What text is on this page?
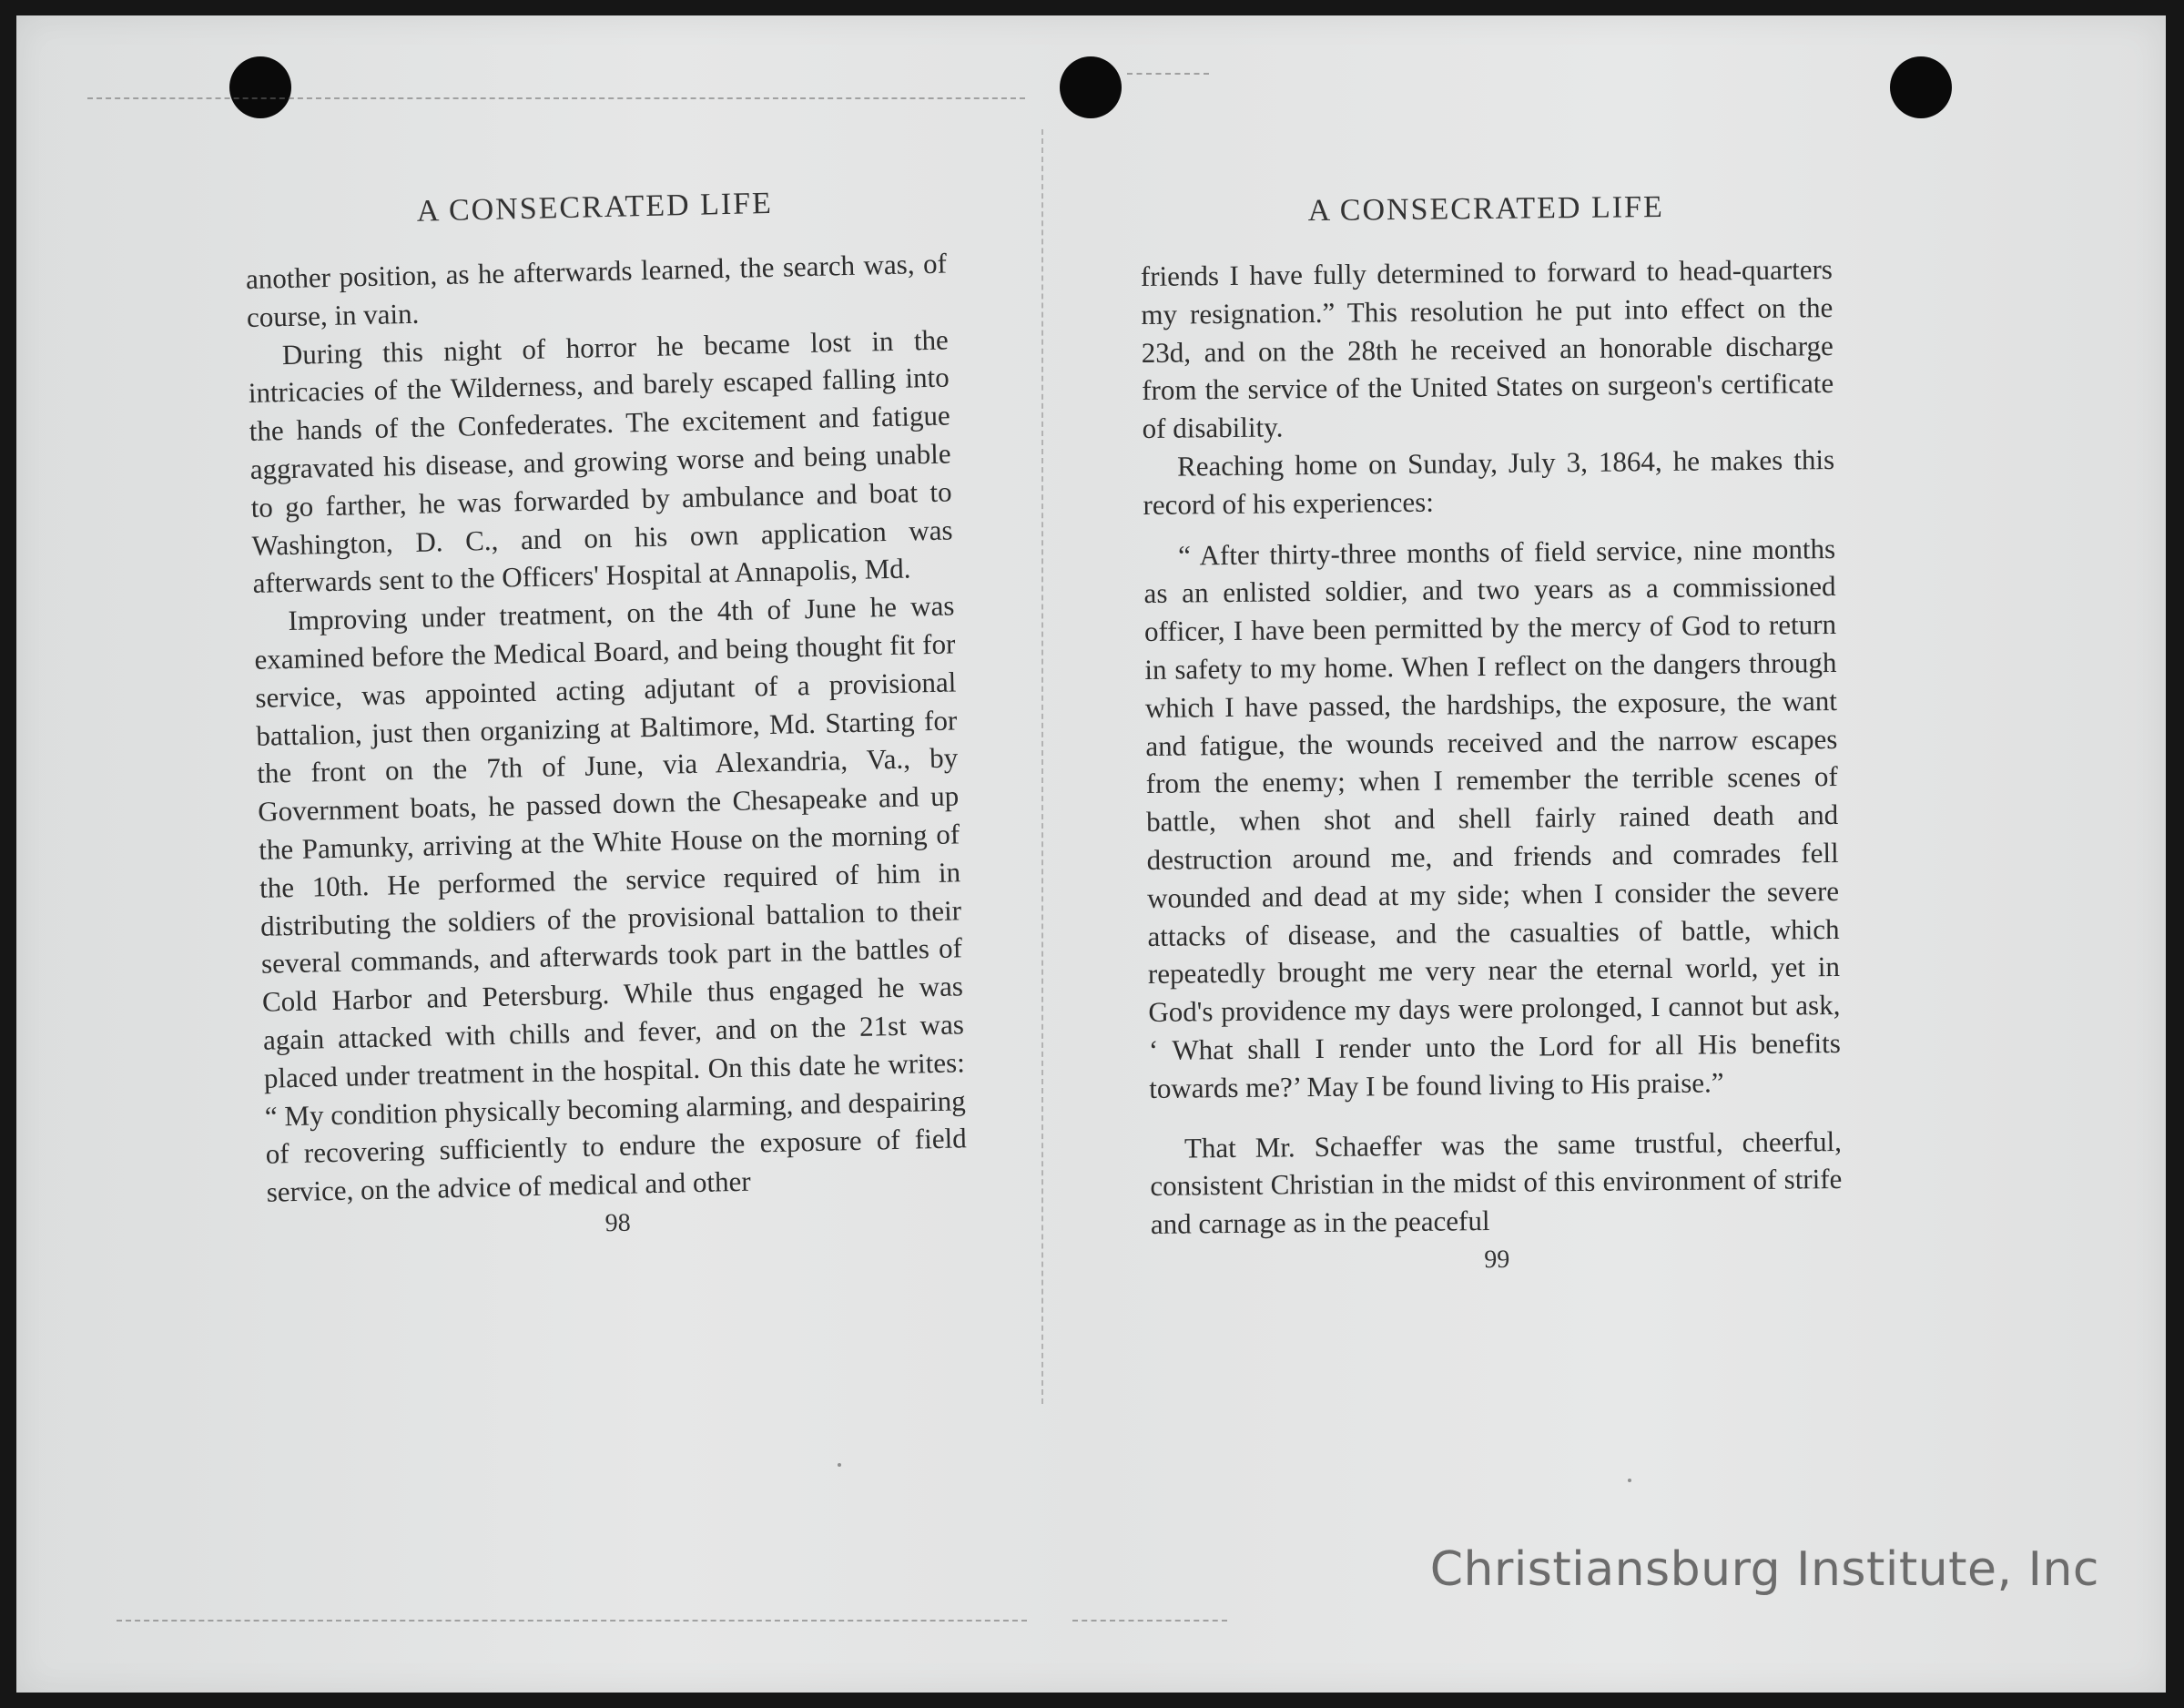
A CONSECRATED LIFE

another position, as he afterwards learned, the search was, of course, in vain.

During this night of horror he became lost in the intricacies of the Wilderness, and barely escaped falling into the hands of the Confederates. The excitement and fatigue aggravated his disease, and growing worse and being unable to go farther, he was forwarded by ambulance and boat to Washington, D. C., and on his own application was afterwards sent to the Officers' Hospital at Annapolis, Md.

Improving under treatment, on the 4th of June he was examined before the Medical Board, and being thought fit for service, was appointed acting adjutant of a provisional battalion, just then organizing at Baltimore, Md. Starting for the front on the 7th of June, via Alexandria, Va., by Government boats, he passed down the Chesapeake and up the Pamunky, arriving at the White House on the morning of the 10th. He performed the service required of him in distributing the soldiers of the provisional battalion to their several commands, and afterwards took part in the battles of Cold Harbor and Petersburg. While thus engaged he was again attacked with chills and fever, and on the 21st was placed under treatment in the hospital. On this date he writes: “ My condition physically becoming alarming, and despairing of recovering sufficiently to endure the exposure of field service, on the advice of medical and other

98
A CONSECRATED LIFE

friends I have fully determined to forward to head-quarters my resignation.” This resolution he put into effect on the 23d, and on the 28th he received an honorable discharge from the service of the United States on surgeon's certificate of disability.

Reaching home on Sunday, July 3, 1864, he makes this record of his experiences:

“ After thirty-three months of field service, nine months as an enlisted soldier, and two years as a commissioned officer, I have been permitted by the mercy of God to return in safety to my home. When I reflect on the dangers through which I have passed, the hardships, the exposure, the want and fatigue, the wounds received and the narrow escapes from the enemy; when I remember the terrible scenes of battle, when shot and shell fairly rained death and destruction around me, and friends and comrades fell wounded and dead at my side; when I consider the severe attacks of disease, and the casualties of battle, which repeatedly brought me very near the eternal world, yet in God's providence my days were prolonged, I cannot but ask, ‘ What shall I render unto the Lord for all His benefits towards me?’ May I be found living to His praise.”

That Mr. Schaeffer was the same trustful, cheerful, consistent Christian in the midst of this environment of strife and carnage as in the peaceful

99
Christiansburg Institute, Inc
